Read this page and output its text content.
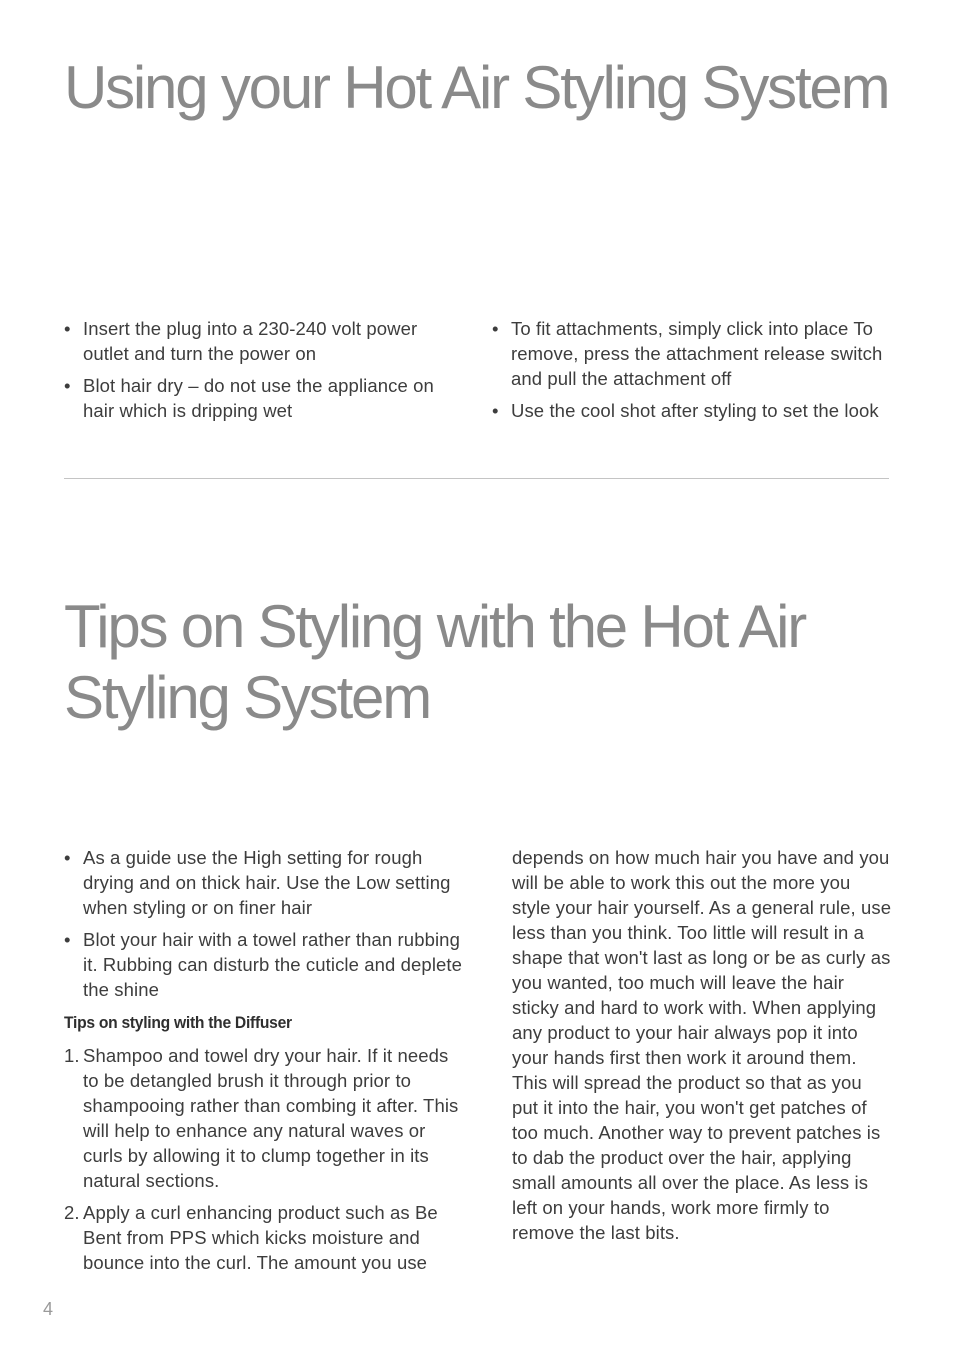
Using your Hot Air Styling System
• Insert the plug into a 230-240 volt power outlet and turn the power on
• Blot hair dry – do not use the appliance on hair which is dripping wet
• To fit attachments, simply click into place To remove, press the attachment release switch and pull the attachment off
• Use the cool shot after styling to set the look
Tips on Styling with the Hot Air Styling System
• As a guide use the High setting for rough drying and on thick hair. Use the Low setting when styling or on finer hair
• Blot your hair with a towel rather than rubbing it. Rubbing can disturb the cuticle and deplete the shine
Tips on styling with the Diffuser
1. Shampoo and towel dry your hair. If it needs to be detangled brush it through prior to shampooing rather than combing it after. This will help to enhance any natural waves or curls by allowing it to clump together in its natural sections.
2. Apply a curl enhancing product such as Be Bent from PPS which kicks moisture and bounce into the curl. The amount you use
depends on how much hair you have and you will be able to work this out the more you style your hair yourself. As a general rule, use less than you think. Too little will result in a shape that won't last as long or be as curly as you wanted, too much will leave the hair sticky and hard to work with. When applying any product to your hair always pop it into your hands first then work it around them. This will spread the product so that as you put it into the hair, you won't get patches of too much. Another way to prevent patches is to dab the product over the hair, applying small amounts all over the place. As less is left on your hands, work more firmly to remove the last bits.
4
